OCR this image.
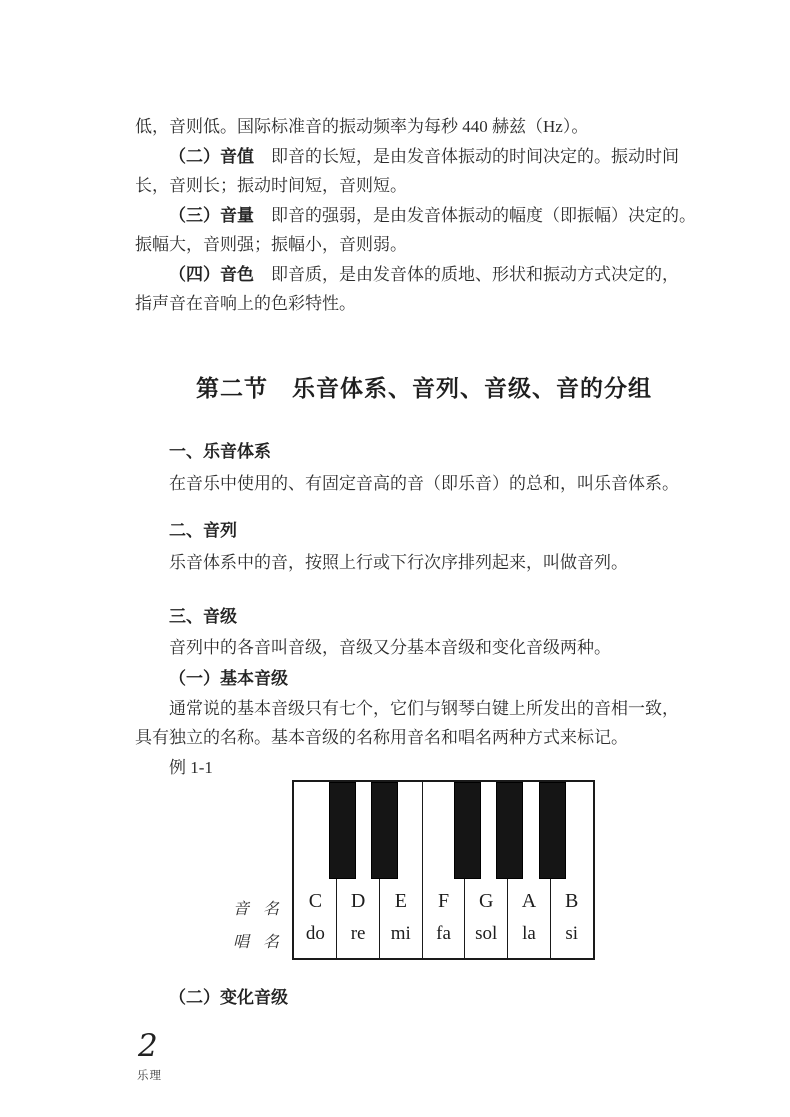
低，音则低。国际标准音的振动频率为每秒 440 赫兹（Hz）。
（二）音值　即音的长短，是由发音体振动的时间决定的。振动时间
长，音则长；振动时间短，音则短。
（三）音量　即音的强弱，是由发音体振动的幅度（即振幅）决定的。
振幅大，音则强；振幅小，音则弱。
（四）音色　即音质，是由发音体的质地、形状和振动方式决定的，
指声音在音响上的色彩特性。
第二节　乐音体系、音列、音级、音的分组
一、乐音体系
在音乐中使用的、有固定音高的音（即乐音）的总和，叫乐音体系。
二、音列
乐音体系中的音，按照上行或下行次序排列起来，叫做音列。
三、音级
音列中的各音叫音级，音级又分基本音级和变化音级两种。
（一）基本音级
通常说的基本音级只有七个，它们与钢琴白键上所发出的音相一致，
具有独立的名称。基本音级的名称用音名和唱名两种方式来标记。
例 1-1
音名
唱名
C	D	E	F	G	A	B
do	re	mi	fa	sol	la	si
（二）变化音级
2
乐理
